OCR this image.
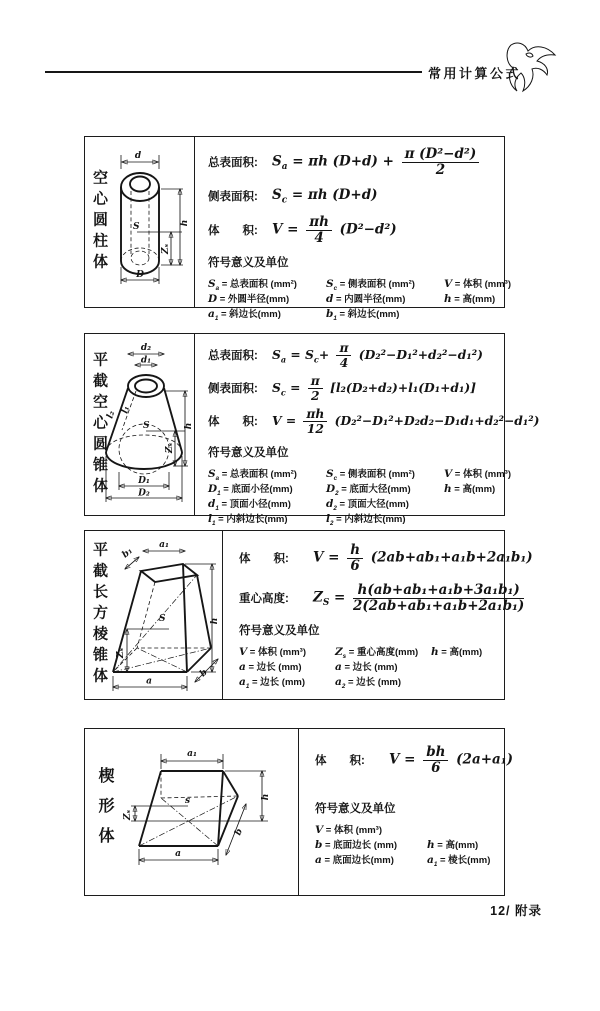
常用计算公式
d
S	h
Zₛ
D
空心圆柱体
总表面积:	$S_a = \pi h$ $(D+d) + \frac{\text{π (D²−d²)}}{2}$
侧表面积:	$S_c = \pi h$ (D+d)
体　　积:	$V = \frac{\pi h}{4} (D^2-d^2)$
符号意义及单位
$S_a$ = 总表面积 (mm²)	$S_c$ = 侧表面积 (mm²)	V = 体积 (mm³)
D = 外圆半径(mm)	d = 内圆半径(mm)	h = 高(mm)
$a_1$ = 斜边长(mm)	$b_1$ = 斜边长(mm)
d₂
d₁
l₂ l₁
S	h
Zₛ
D₁
D₂
平截空心圆锥体	总表面积:	$S_a = S_c+ \frac{\pi}{4} (D_2^2-D_1^2+d_2^2-d_1^2)$
侧表面积:	$S_c = \frac{\pi}{2} [l_2(D_2+d_2)+l_1(D_1+d_1)]$
体　　积:	$V = \frac{\pi h}{12} (D_2^2-D_1^2+D_2d_2-D_1d_1+d_2^2-d_1^2)$
符号意义及单位
$S_a$ = 总表面积 (mm²)	$S_c$ = 侧表面积 (mm²)	V = 体积 (mm³)
$D_1$ = 底面小径(mm)	$D_2$ = 底面大径(mm)	h = 高(mm)
$d_1$ = 顶面小径(mm)	$d_2$ = 顶面大径(mm)
$l_1$ = 内斜边长(mm)	$l_2$ = 内斜边长(mm)
a₁
b₁
S
Zₛ
h
b
a
平截长方棱锥体	体　　积:	$V = \frac{h}{6} (2ab+ab_1+a_1b+2a_1b_1)$
重心高度:	$Z_S = \frac{\text{h(ab+ab₁+a₁b+3a₁b₁)}}{\text{2(2ab+ab₁+a₁b+2a₁b₁)}}$
符号意义及单位
V = 体积 (mm³)	$Z_s$ = 重心高度(mm) h = 高(mm)
a = 边长 (mm)	a = 边长 (mm)
$a_1$ = 边长 (mm)	$a_2$ = 边长 (mm)
a₁
s
Zₛ
h
b
a
楔形体
体　　积:	$V = \frac{bh}{6} (2a+a_1)$
符号意义及单位
V = 体积 (mm³)
b = 底面边长 (mm)	h = 高(mm)
a = 底面边长(mm)	$a_1$ = 棱长(mm)
12/ 附录
